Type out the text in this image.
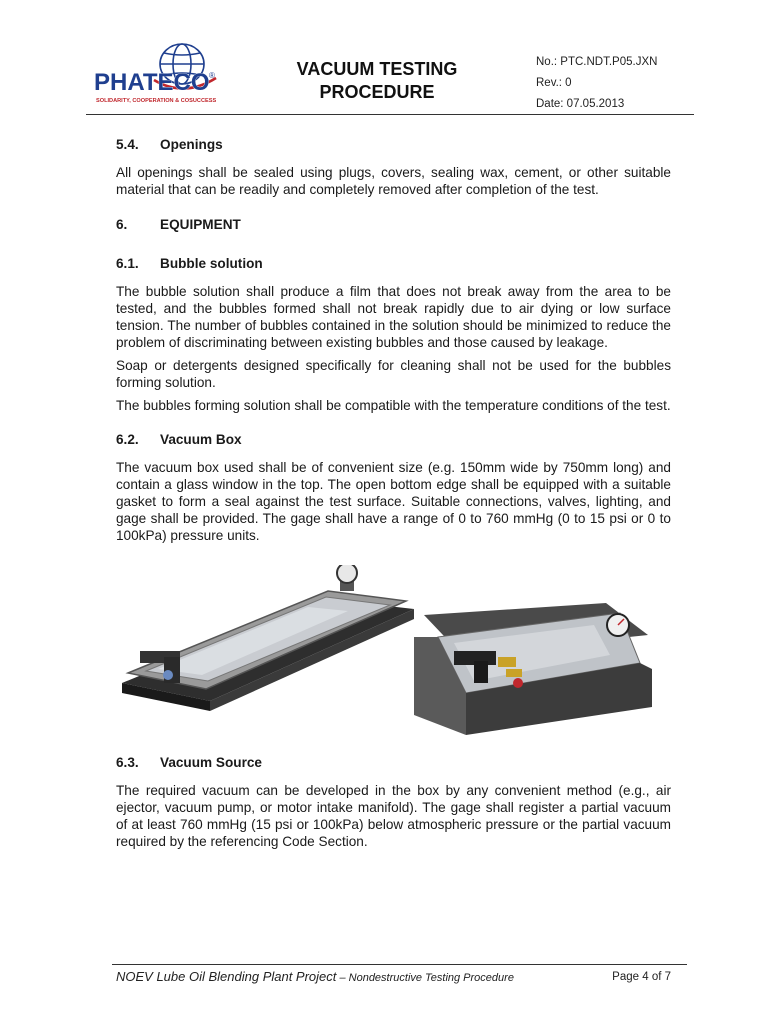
PHATECO ®
SOLIDARITY, COOPERATION & COSUCCESS
VACUUM TESTING
PROCEDURE
No.: PTC.NDT.P05.JXN
Rev.: 0
Date: 07.05.2013
5.4.	Openings

All openings shall be sealed using plugs, covers, sealing wax, cement, or other suitable material that can be readily and completely removed after completion of the test.

6.	EQUIPMENT
6.1.	Bubble solution

The bubble solution shall produce a film that does not break away from the area to be tested, and the bubbles formed shall not break rapidly due to air dying or low surface tension. The number of bubbles contained in the solution should be minimized to reduce the problem of discriminating between existing bubbles and those caused by leakage.

Soap or detergents designed specifically for cleaning shall not be used for the bubbles forming solution.

The bubbles forming solution shall be compatible with the temperature conditions of the test.

6.2.	Vacuum Box

The vacuum box used shall be of convenient size (e.g. 150mm wide by 750mm long) and contain a glass window in the top. The open bottom edge shall be equipped with a suitable gasket to form a seal against the test surface. Suitable connections, valves, lighting, and gage shall be provided. The gage shall have a range of 0 to 760 mmHg (0 to 15 psi or 0 to 100kPa) pressure units.

6.3.	Vacuum Source

The required vacuum can be developed in the box by any convenient method (e.g., air ejector, vacuum pump, or motor intake manifold). The gage shall register a partial vacuum of at least 760 mmHg (15 psi or 100kPa) below atmospheric pressure or the partial vacuum required by the referencing Code Section.

NOEV Lube Oil Blending Plant Project – Nondestructive Testing Procedure	Page 4 of 7
